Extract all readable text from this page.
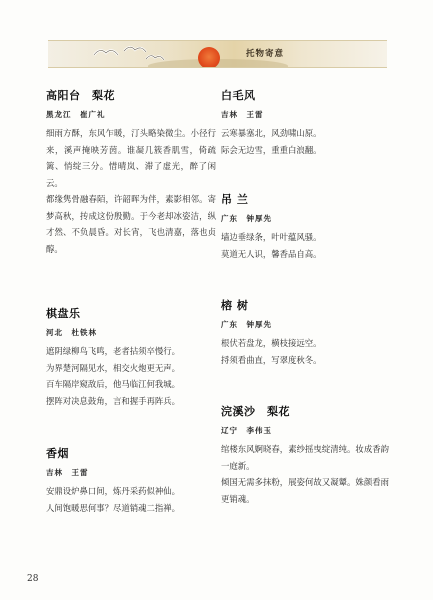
托物寄意

高阳台　梨花

黑龙江　崔广礼

细雨方酥，东风乍暖，汀头略染微尘。小径行来，溪声掩映芳茵。谁凝几簇香肌雪，倚疏篱、悄绽三分。惜晴岚、滞了虚光，醉了闲云。

都缘隽骨融春陌，许韶晖为伴，素影相邻。寄梦高秋，抟成这份殷勤。于今老却冰姿洁，纵才然、不负晨昏。对长宵，飞也清嘉，落也贞醇。

棋盘乐

河北　杜铁林

遮阴绿柳鸟飞鸣，老者拈须卒慢行。

为界楚河隔见水，相交火炮更无声。

百车隔岸窥敌后，他马临江何我城。

摆阵对决息鼓角，言和握手再阵兵。

香烟

吉林　王雷

安鼎设炉鼻口间，炼丹采药似神仙。

人间饱暖思何事？尽道销魂二指禅。

白毛风

吉林　王雷

云寒暴塞北，风劲啸山原。

际会无边雪，重重白浪翻。

吊 兰

广东　钟厚先

墙边垂绿条，叶叶蕴风骚。

莫道无人识，馨香品自高。

榕 树

广东　钟厚先

根伏若盘龙，横枝接远空。

捋须看曲直，写翠度秋冬。

浣溪沙　梨花

辽宁　李伟玉

绾楼东风婀晓春，素纱摇曳绽清纯。妆成香韵一庭新。

倾国无需多抹粉，展姿何故又凝颦。姝颜看雨更销魂。

28
